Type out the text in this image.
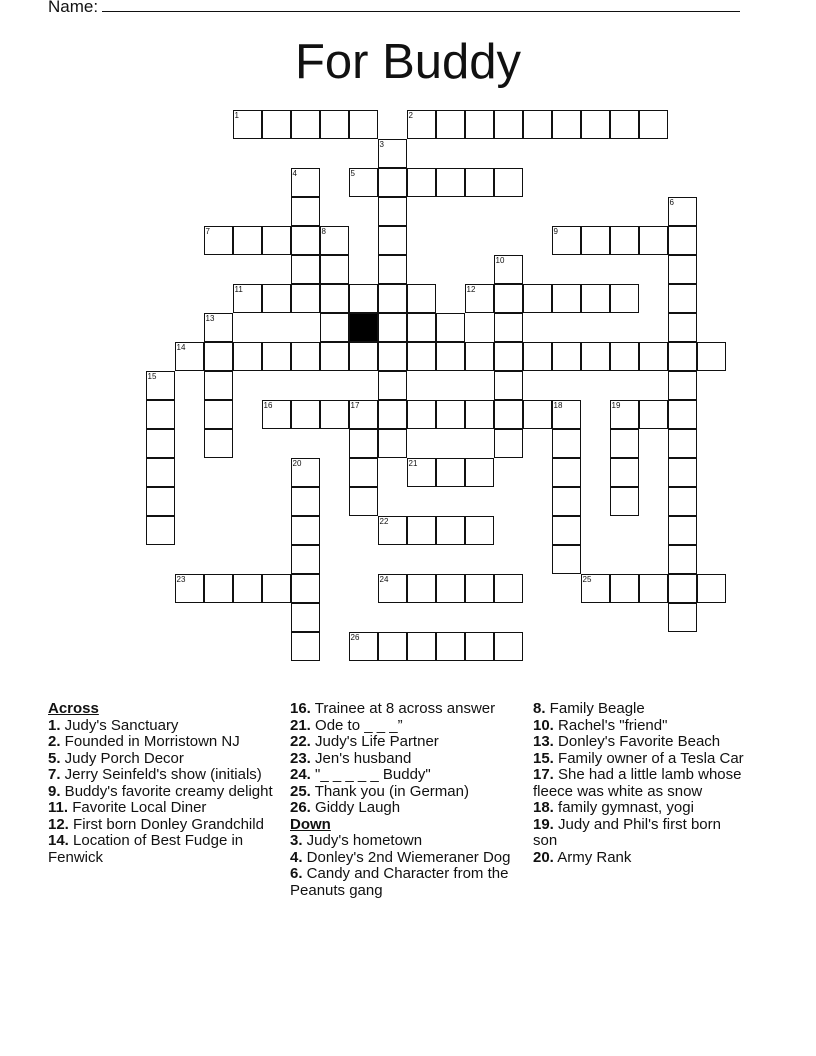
Name:
For Buddy
1	2
5
7	9
11	12
14
16	17	18	19
21
22
23	24	25
26
3
4
6
8
10
13
15
20
Across
1. Judy's Sanctuary
2. Founded in Morristown NJ
5. Judy Porch Decor
7. Jerry Seinfeld's show (initials)
9. Buddy's favorite creamy delight
11. Favorite Local Diner
12. First born Donley Grandchild
14. Location of Best Fudge in Fenwick
16. Trainee at 8 across answer
21. Ode to _ _ _”
22. Judy's Life Partner
23. Jen's husband
24. "_ _ _ _ _ Buddy"
25. Thank you (in German)
26. Giddy Laugh
Down
3. Judy's hometown
4. Donley's 2nd Wiemeraner Dog
6. Candy and Character from the Peanuts gang
8. Family Beagle
10. Rachel's "friend"
13. Donley's Favorite Beach
15. Family owner of a Tesla Car
17. She had a little lamb whose fleece was white as snow
18. family gymnast, yogi
19. Judy and Phil's first born son
20. Army Rank
